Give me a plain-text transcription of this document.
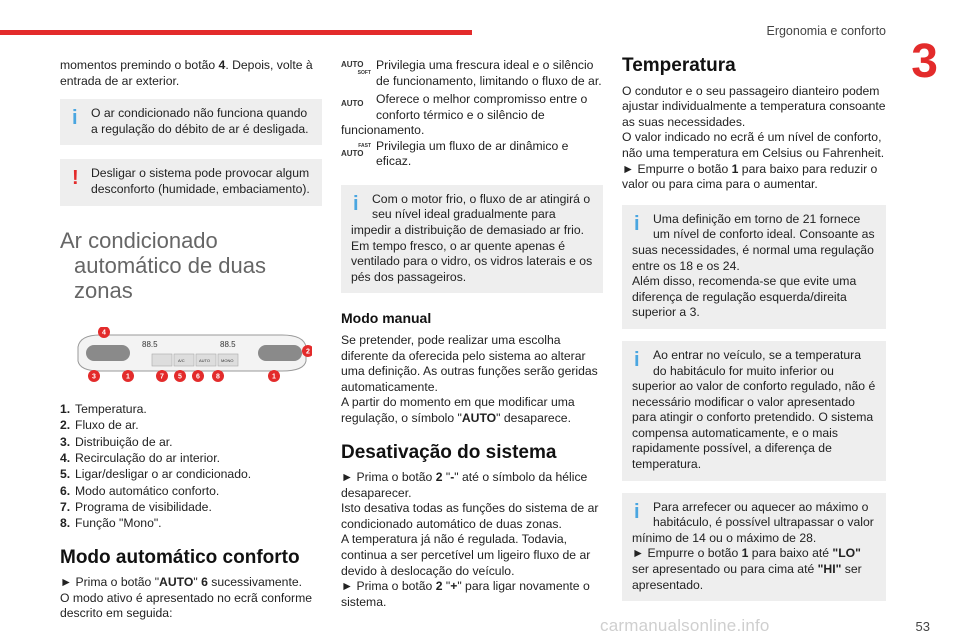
Ergonomia e conforto
3

momentos premindo o botão 4. Depois, volte à entrada de ar exterior.

i O ar condicionado não funciona quando a regulação do débito de ar é desligada.

! Desligar o sistema pode provocar algum desconforto (humidade, embaciamento).

Ar condicionado
automático de duas zonas
88.5	88.5
A/C	AUTO	MONO
4
2
3	1	7 5 6 8	1
1. Temperatura.
2. Fluxo de ar.
3. Distribuição de ar.
4. Recirculação do ar interior.
5. Ligar/desligar o ar condicionado.
6. Modo automático conforto.
7. Programa de visibilidade.
8. Função "Mono".
Modo automático conforto

► Prima o botão "AUTO" 6 sucessivamente.

O modo ativo é apresentado no ecrã conforme descrito em seguida:

AUTO
SOFT
Privilegia uma frescura ideal e o silêncio de funcionamento, limitando o fluxo de ar.
AUTO	Oferece o melhor compromisso entre o conforto térmico e o silêncio de
funcionamento.
FAST
AUTO
Privilegia um fluxo de ar dinâmico e eficaz.
i	Com o motor frio, o fluxo de ar atingirá o seu nível ideal gradualmente para

impedir a distribuição de demasiado ar frio. Em tempo fresco, o ar quente apenas é ventilado para o vidro, os vidros laterais e os pés dos passageiros.

Modo manual

Se pretender, pode realizar uma escolha diferente da oferecida pelo sistema ao alterar uma definição. As outras funções serão geridas automaticamente.

A partir do momento em que modificar uma regulação, o símbolo "AUTO" desaparece.

Desativação do sistema

► Prima o botão 2 "-" até o símbolo da hélice desaparecer.

Isto desativa todas as funções do sistema de ar condicionado automático de duas zonas.

A temperatura já não é regulada. Todavia, continua a ser percetível um ligeiro fluxo de ar devido à deslocação do veículo.

► Prima o botão 2 "+" para ligar novamente o sistema.

Temperatura

O condutor e o seu passageiro dianteiro podem ajustar individualmente a temperatura consoante as suas necessidades.

O valor indicado no ecrã é um nível de conforto, não uma temperatura em Celsius ou Fahrenheit.

► Empurre o botão 1 para baixo para reduzir o valor ou para cima para o aumentar.

i	Uma definição em torno de 21 fornece um nível de conforto ideal. Consoante as

suas necessidades, é normal uma regulação entre os 18 e os 24.

Além disso, recomenda-se que evite uma diferença de regulação esquerda/direita superior a 3.

i	Ao entrar no veículo, se a temperatura do habitáculo for muito inferior ou

superior ao valor de conforto regulado, não é necessário modificar o valor apresentado para atingir o conforto pretendido. O sistema compensa automaticamente, e o mais rapidamente possível, a diferença de temperatura.

i	Para arrefecer ou aquecer ao máximo o habitáculo, é possível ultrapassar o valor

mínimo de 14 ou o máximo de 28.

► Empurre o botão 1 para baixo até "LO" ser apresentado ou para cima até "HI" ser apresentado.

carmanualsonline.info	53
